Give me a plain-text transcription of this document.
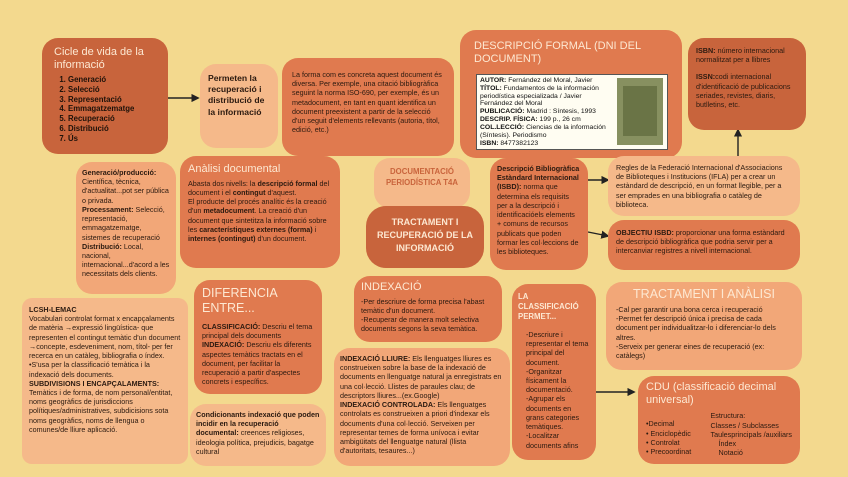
Cicle de vida de la informació
1. Generació
2. Selecció
3. Representació
4. Emmagatzematge
5. Recuperació
6. Distribució
7. Ús
Permeten la recuperació i distribució de la informació
La forma com es concreta aquest document és diversa. Per exemple, una citació bibliogràfica seguint la norma ISO-690, per exemple, és un metadocument, en tant en quant identifica un document preexistent a partir de la selecció d'un seguit d'elements rellevants (autoria, títol, edició, etc.)
DESCRIPCIÓ FORMAL (DNI DEL DOCUMENT)
AUTOR: Fernández del Moral, Javier
TÍTOL: Fundamentos de la información periodística especializada / Javier Fernández del Moral
PUBLICACIÓ: Madrid : Síntesis, 1993
DESCRIP. FÍSICA: 199 p., 26 cm
COL.LECCIÓ: Ciencias de la información (Síntesis). Periodismo
ISBN: 8477382123

ISBN: número internacional normalitzat per a llibres

ISSN:codi internacional d'identificació de publicacions seriades, revistes, diaris, butlletins, etc.

Generació/producció: Científica, tècnica, d'actualitat...pot ser pública o privada.

Processament: Selecció, representació, emmagatzematge, sistemes de recuperació

Distribució: Local, nacional, internacional...d'acord a les necessitats dels clients.

Anàlisi documental

Abasta dos nivells: la descripció formal del document i el contingut d'aquest.

El producte del procés analític és la creació d'un metadocument. La creació d'un document que sintetitza la informació sobre les característiques externes (forma) i internes (contingut) d'un document.

DOCUMENTACIÓ PERIODÍSTICA T4A
TRACTAMENT I RECUPERACIÓ DE LA INFORMACIÓ

Descripció Bibliogràfica Estàndard Internacional (ISBD): norma que determina els requisits per a la descripció i identificacióels elements + comuns de recursos publicats que poden formar les col·leccions de les biblioteques.

Regles de la Federació Internacional d'Associacions de Biblioteques i Institucions (IFLA) per a crear un estàndard de descripció, en un format llegible, per a ser emprades en una bibliografia o catàleg de biblioteca.

OBJECTIU ISBD: proporcionar una forma estàndard de descripció bibliogràfica que podria servir per a intercanviar registres a nivell internacional.

LCSH-LEMAC

Vocabulari controlat format x encapçalaments de matèria →expressió lingüística- que representen el contingut temàtic d'un document →concepte, esdeveniment, nom, títol- per fer recerca en un catàleg, bibliografia o índex.

•S'usa per la classificació temàtica i la indexació dels documents.

SUBDIVISIONS I ENCAPÇALAMENTS: Temàtics i de forma, de nom personal/entitat, noms geogràfics de jurisdiccions polítiques/administratives, subdicisions sota noms geogràfics, noms de llengua o comunes/de lliure aplicació.

DIFERENCIA ENTRE...

CLASSIFICACIÓ: Descriu el tema principal dels documents

INDEXACIÓ: Descriu els diferents aspectes temàtics tractats en el document, per facilitar la recuperació a partir d'aspectes concrets i específics.

Condicionants indexació que poden incidir en la recuperació documental: creences religioses, ideologia política, prejudicis, bagatge cultural

INDEXACIÓ

-Per descriure de forma precisa l'abast temàtic d'un document.

-Recuperar de manera molt selectiva documents segons la seva temàtica.

INDEXACIÓ LLIURE: Els llenguatges lliures es construeixen sobre la base de la indexació de documents en llenguatge natural ja enregistrats en una col·lecció. Llistes de paraules clau; de descriptors lliures...(ex.Google)

INDEXACIÓ CONTROLADA: Els llenguatges controlats es construeixen a priori d'indexar els documents d'una col·lecció. Serveixen per representar temes de forma unívoca i evitar ambigüitats del llenguatge natural (llista d'autoritats, tesaures...)

LA CLASSIFICACIÓ PERMET...

-Descriure i representar el tema principal del document.

-Organitzar físicament la documentació.

-Agrupar els documents en grans categories temàtiques.

-Localitzar documents afins

TRACTAMENT I ANÀLISI

-Cal per garantir una bona cerca i recuperació

-Permet fer descripció única i precisa de cada document per individualitzar-lo i diferenciar-lo dels altres.

-Serveix per generar eines de recuperació (ex: catàlegs)

CDU (classificació decimal universal)

•Decimal

• Enciclopèdic

• Controlat

• Precoordinat

Estructura:

Classes / Subclasses

Taulesprincipals /auxiliars

Índex

Notació
